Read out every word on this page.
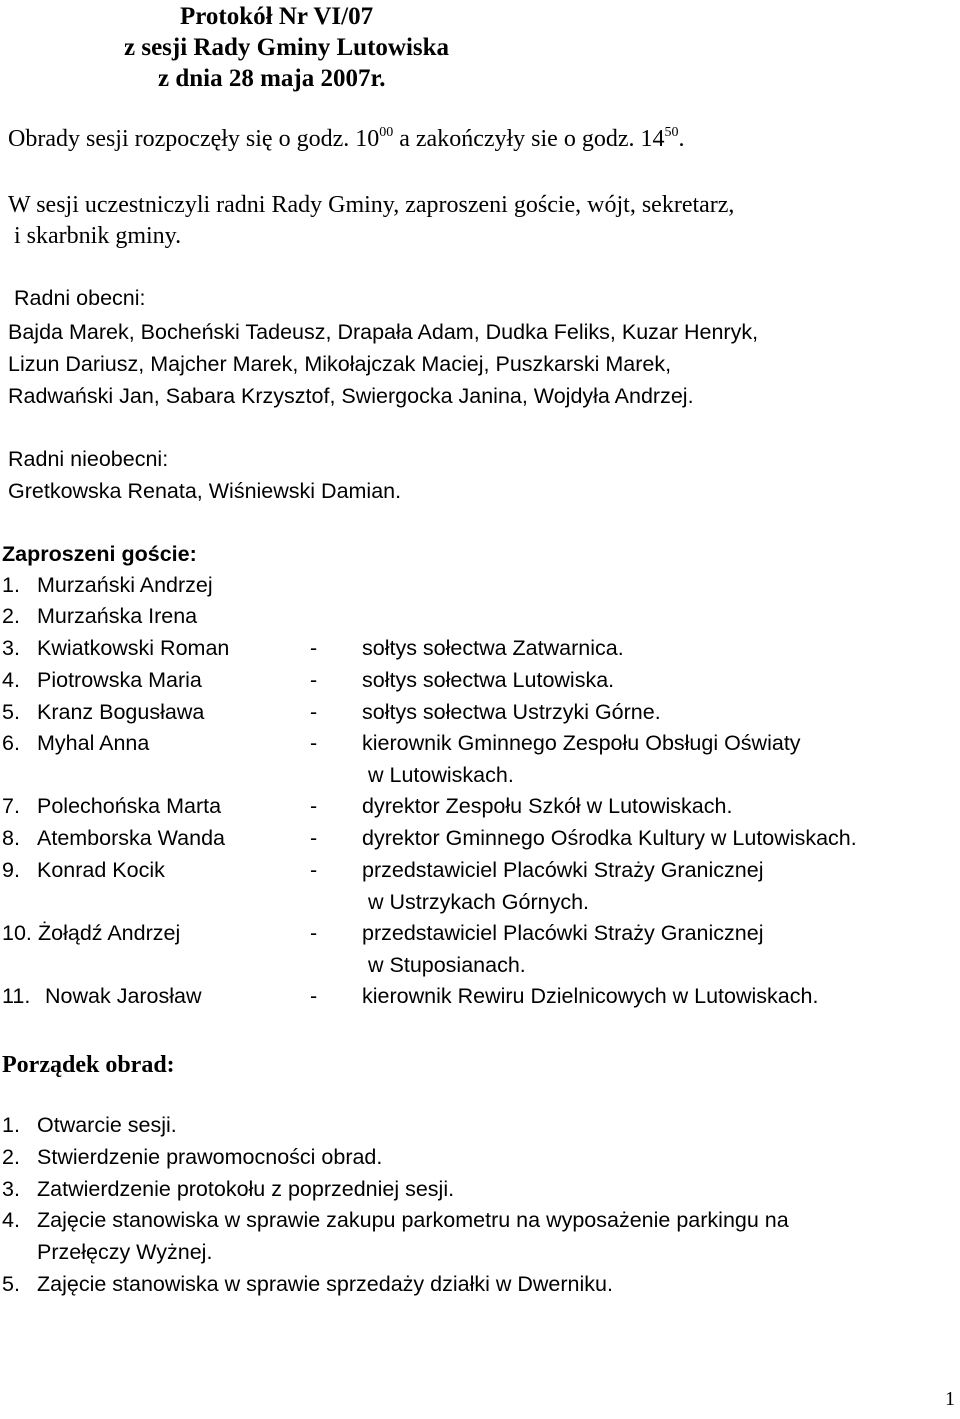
Protokół Nr VI/07
z sesji Rady Gminy Lutowiska
z dnia 28 maja 2007r.
Obrady sesji rozpoczęły się o godz. $10^{00}$ a zakończyły sie o godz. $14^{50}$.
W sesji uczestniczyli radni Rady Gminy, zaproszeni goście, wójt, sekretarz,
i skarbnik gminy.
Radni obecni:
Bajda Marek, Bocheński Tadeusz, Drapała Adam, Dudka Feliks, Kuzar Henryk,
Lizun Dariusz, Majcher Marek, Mikołajczak Maciej, Puszkarski Marek,
Radwański Jan, Sabara Krzysztof, Swiergocka Janina, Wojdyła Andrzej.
Radni nieobecni:
Gretkowska Renata, Wiśniewski Damian.
Zaproszeni goście:
1. Murzański Andrzej
2. Murzańska Irena
3. Kwiatkowski Roman	- sołtys sołectwa Zatwarnica.
4. Piotrowska Maria	- sołtys sołectwa Lutowiska.
5. Kranz Bogusława	- sołtys sołectwa Ustrzyki Górne.
6. Myhal Anna	- kierownik Gminnego Zespołu Obsługi Oświaty
w Lutowiskach.
7. Polechońska Marta	- dyrektor Zespołu Szkół w Lutowiskach.
8. Atemborska Wanda	- dyrektor Gminnego Ośrodka Kultury w Lutowiskach.
9. Konrad Kocik	- przedstawiciel Placówki Straży Granicznej
w Ustrzykach Górnych.
10. Żołądź Andrzej	- przedstawiciel Placówki Straży Granicznej
w Stuposianach.
11. Nowak Jarosław	- kierownik Rewiru Dzielnicowych w Lutowiskach.
Porządek obrad:
1. Otwarcie sesji.
2. Stwierdzenie prawomocności obrad.
3. Zatwierdzenie protokołu z poprzedniej sesji.
4. Zajęcie stanowiska w sprawie zakupu parkometru na wyposażenie parkingu na
Przełęczy Wyżnej.
5. Zajęcie stanowiska w sprawie sprzedaży działki w Dwerniku.
1
